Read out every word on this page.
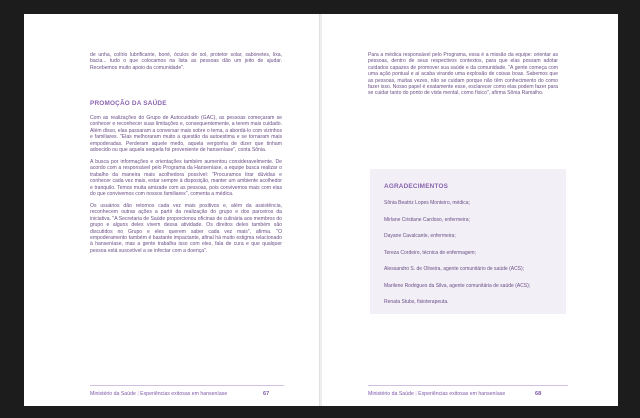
de unha, colírio lubrificante, boné, óculos de sol, protetor solar, sabonetes, lixa, bacia... tudo o que colocamos na lista as pessoas dão um jeito de ajudar. Recebemos muito apoio da comunidade".

PROMOÇÃO DA SAÚDE

Com as realizações do Grupo de Autocuidado (GAC), as pessoas começaram se conhecer e reconhecer suas limitações e, consequentemente, a terem mais cuidado. Além disso, elas passaram a conversar mais sobre o tema, a abordá-lo com vizinhos e familiares. "Elas melhoraram muito a questão da autoestima e se tornaram mais empoderadas. Perderam aquele medo, aquela vergonha de dizer que tinham adoecido ou que aquela sequela foi proveniente de hanseníase", conta Sônia.

A busca por informações e orientações também aumentou consideravelmente. De acordo com a responsável pelo Programa da Hanseníase, a equipe busca realizar o trabalho da maneira mais acolhedora possível: "Procuramos tirar dúvidas e conhecer cada vez mais, estar sempre à disposição, manter um ambiente acolhedor e tranquilo. Temos muita amizade com as pessoas, pois convivemos mais com elas do que convivemos com nossos familiares", comenta a médica.

Os usuários dão retornos cada vez mais positivos e, além da assistência, reconhecem outras ações a partir da realização do grupo e dos parceiros da iniciativa. "A Secretaria de Saúde proporcionou oficinas de culinária aos membros do grupo e alguns deles vivem dessa atividade. Os direitos deles também são discutidos no Grupo e eles querem saber cada vez mais", afirma. "O empoderamento também é bastante impactante, afinal há muito estigma relacionado à hanseníase, mas a gente trabalha isso com eles, fala de cura e que qualquer pessoa está suscetível a se infectar com a doença".

Ministério da Saúde | Experiências exitosas em hanseníase	67

Para a médica responsável pelo Programa, essa é a missão da equipe: orientar as pessoas, dentro de seus respectivos contextos, para que elas possam adotar cuidados capazes de promover sua saúde e da comunidade. "A gente começa com uma ação pontual e aí acaba virando uma explosão de coisas boas. Sabemos que as pessoas, muitas vezes, não se cuidam porque não têm conhecimento do como fazer isso. Nosso papel é exatamente esse, esclarecer como elas podem fazer para se cuidar tanto do ponto de vista mental, como físico", afirma Sônia Ramalho.

AGRADECIMENTOS
Sônia Beatriz Lopes Monteiro, médica;
Mirlane Cristiane Cardoso, enfermeira;
Dayane Cavalcante, enfermeira;
Tereza Cordeiro, técnica de enfermagem;
Alessandro S. de Oliveira, agente comunitário de saúde (ACS);
Marilene Rodrigues da Silva, agente comunitária de saúde (ACS);
Renata Stubs, fisioterapeuta.
Ministério da Saúde | Experiências exitosas em hanseníase	68
